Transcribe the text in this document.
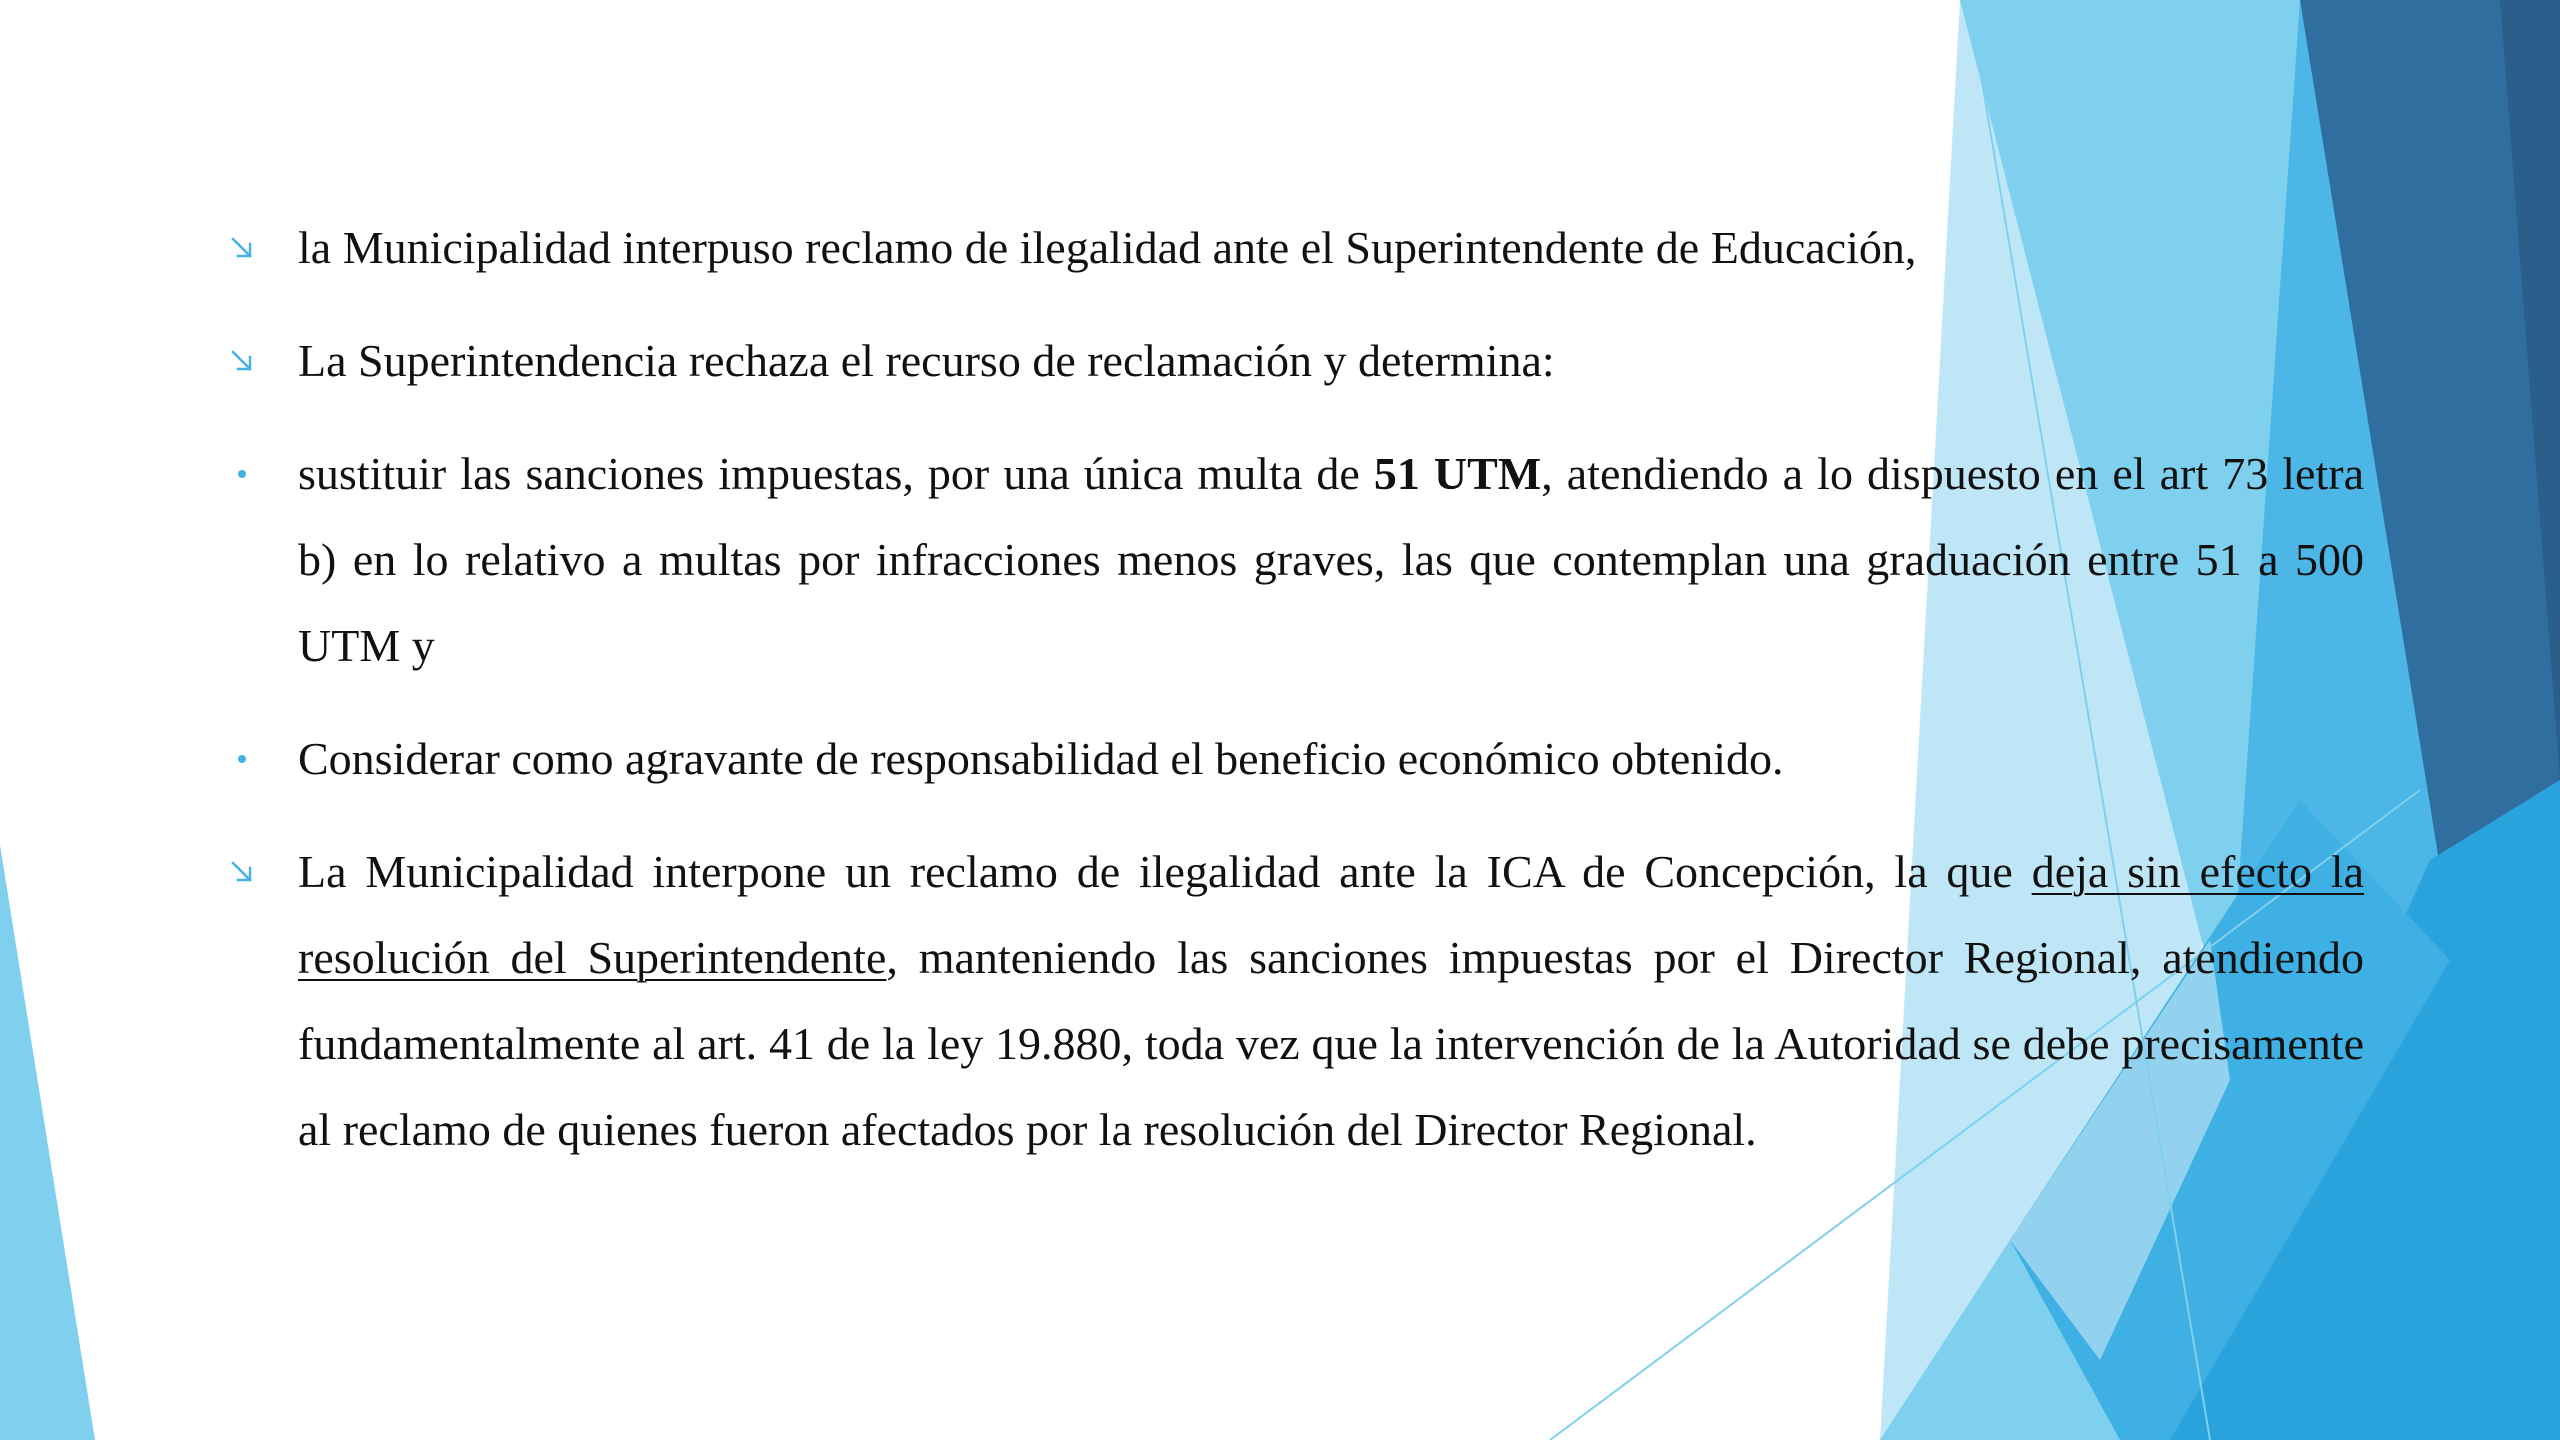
la Municipalidad interpuso reclamo de ilegalidad ante el Superintendente de Educación,
La Superintendencia rechaza el recurso de reclamación y determina:
sustituir las sanciones impuestas, por una única multa de 51 UTM, atendiendo a lo dispuesto en el art 73 letra b) en lo relativo a multas por infracciones menos graves, las que contemplan una graduación entre 51 a 500 UTM y
Considerar como agravante de responsabilidad el beneficio económico obtenido.
La Municipalidad interpone un reclamo de ilegalidad ante la ICA de Concepción, la que deja sin efecto la resolución del Superintendente, manteniendo las sanciones impuestas por el Director Regional, atendiendo fundamentalmente al art. 41 de la ley 19.880, toda vez que la intervención de la Autoridad se debe precisamente al reclamo de quienes fueron afectados por la resolución del Director Regional.
